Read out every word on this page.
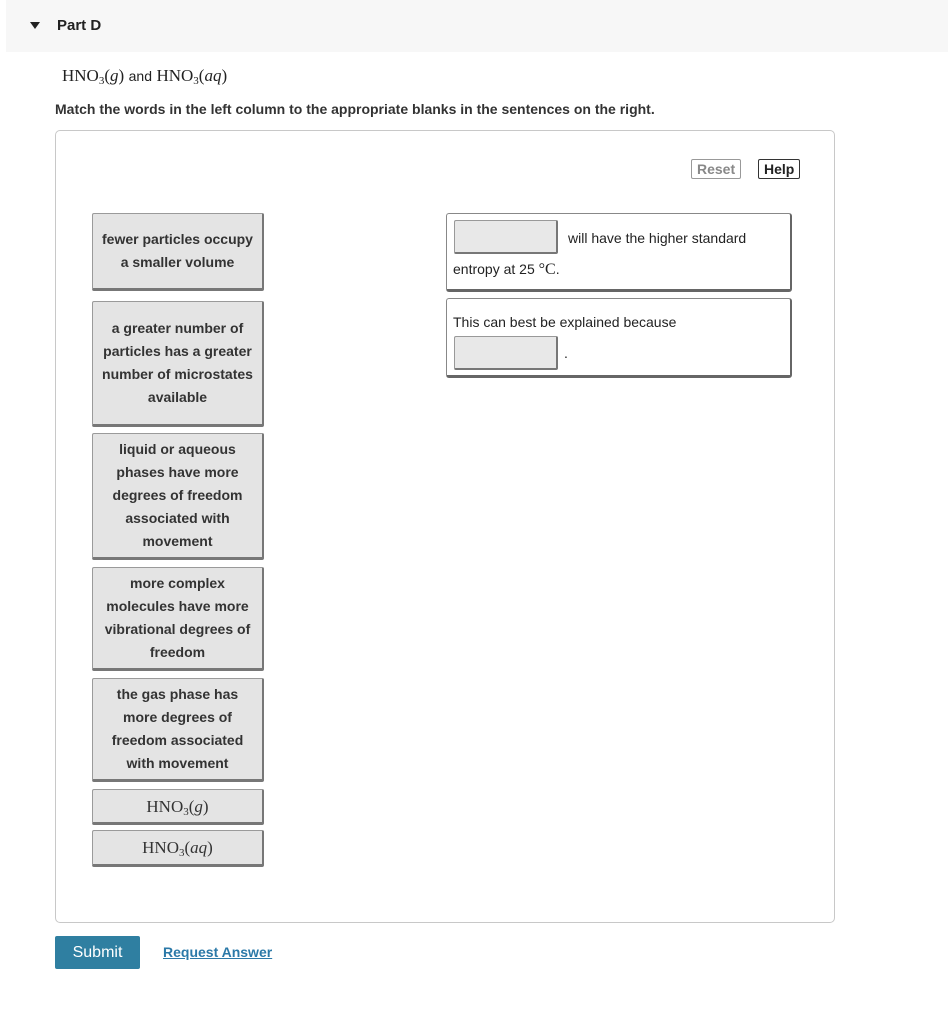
Part D
$HNO_3(g)$ and $HNO_3(aq)$
Match the words in the left column to the appropriate blanks in the sentences on the right.
Reset	Help
fewer particles occupy a smaller volume
a greater number of particles has a greater number of microstates available
liquid or aqueous phases have more degrees of freedom associated with movement
more complex molecules have more vibrational degrees of freedom
the gas phase has more degrees of freedom associated with movement
$HNO_3(g)$
$HNO_3(aq)$
will have the higher standard
entropy at 25 °C.
This can best be explained because
.
Submit	Request Answer
